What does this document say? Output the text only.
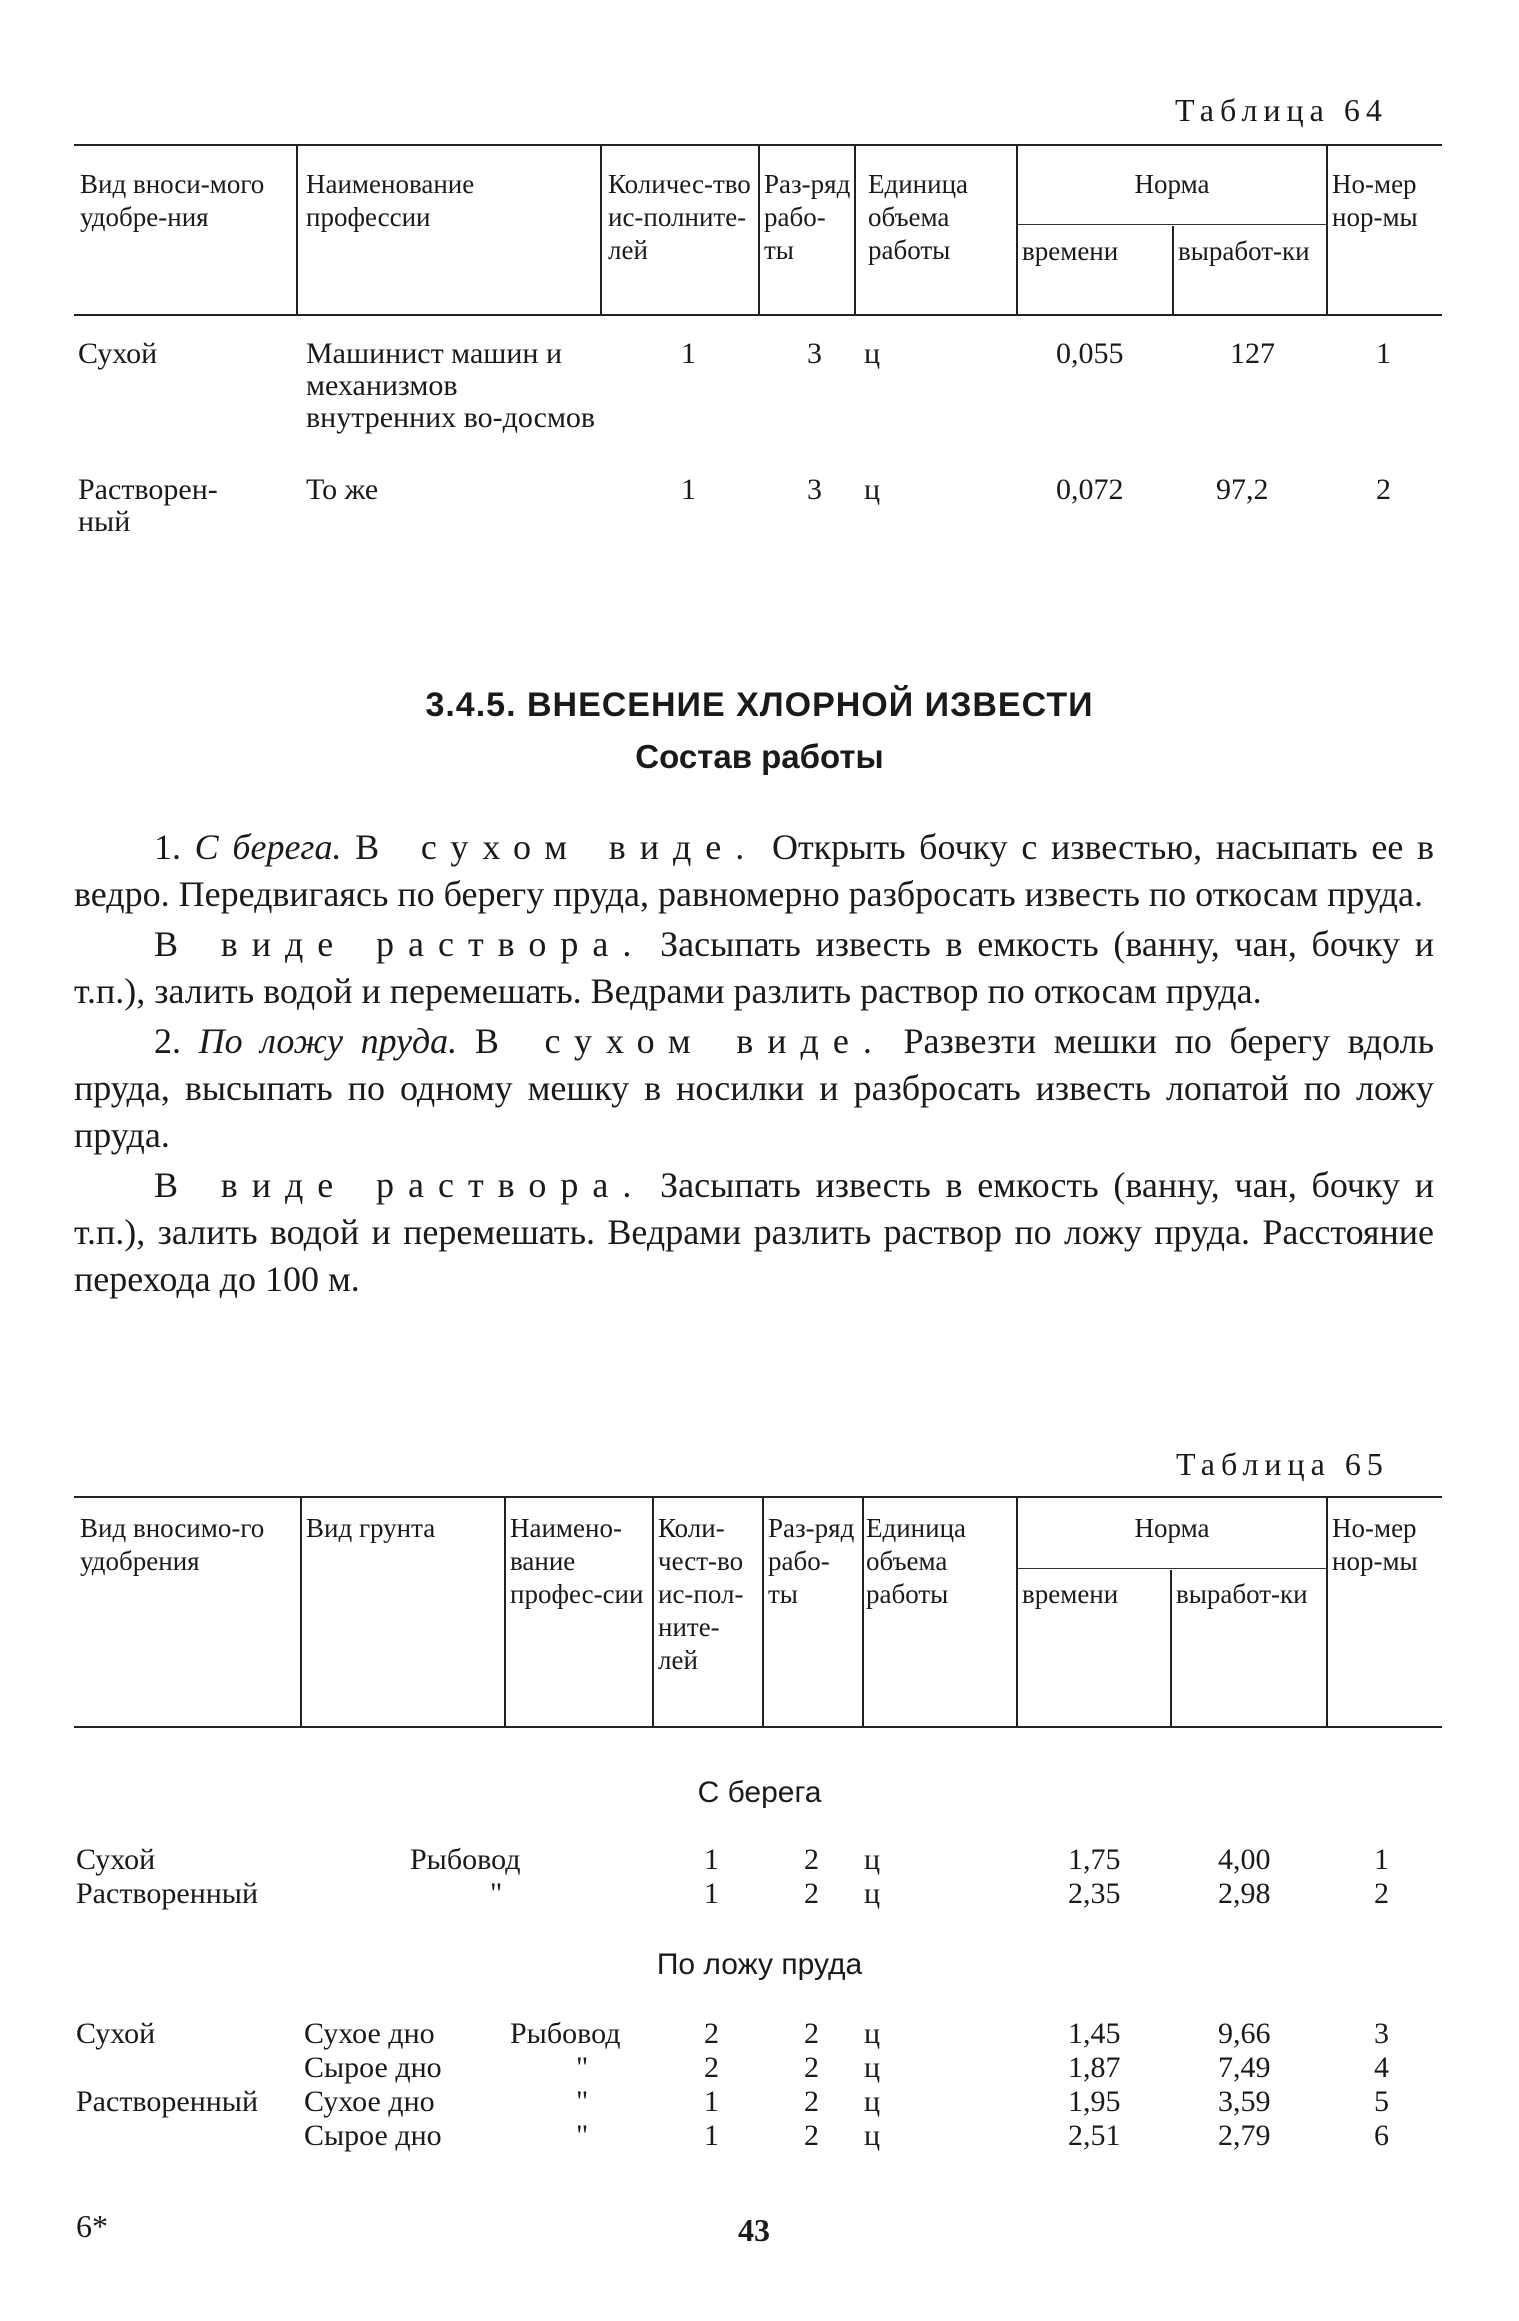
Таблица 64
Вид вноси-мого удобре-ния
Наименование профессии
Количес-тво ис-полните-лей
Раз-ряд рабо-ты
Единица объема работы
Норма
времени	выработ-ки
Но-мер нор-мы
Сухой	Машинист машин и механизмов внутренних во-досмов
1	3 ц	0,055	127	1
Растворен-ный
То же	1	3 ц	0,072	97,2	2
3.4.5. ВНЕСЕНИЕ ХЛОРНОЙ ИЗВЕСТИ
Состав работы

1. С берега. В сухом виде. Открыть бочку с известью, насыпать ее в ведро. Передвигаясь по берегу пруда, равномерно разбросать известь по откосам пруда.

В виде раствора. Засыпать известь в емкость (ванну, чан, бочку и т.п.), залить водой и перемешать. Ведрами разлить раствор по откосам пруда.

2. По ложу пруда. В сухом виде. Развезти мешки по берегу вдоль пруда, высыпать по одному мешку в носилки и разбросать известь лопатой по ложу пруда.

В виде раствора. Засыпать известь в емкость (ванну, чан, бочку и т.п.), залить водой и перемешать. Ведрами разлить раствор по ложу пруда. Расстояние перехода до 100 м.

Таблица 65
Вид вносимо-го удобрения
Вид грунта	Наимено-вание профес-сии
Коли-чест-во ис-пол-ните-лей
Раз-ряд рабо-ты
Единица объема работы
Норма
времени	выработ-ки
Но-мер нор-мы
С берега
Сухой	Рыбовод	1	2 ц	1,75	4,00	1
Растворенный	"	1	2 ц	2,35	2,98	2
По ложу пруда
Сухой	Сухое дно	Рыбовод	2	2 ц	1,45	9,66	3
Сырое дно	"	2	2 ц	1,87	7,49	4
Растворенный Сухое дно	"	1	2 ц	1,95	3,59	5
Сырое дно	"	1	2 ц	2,51	2,79	6
6*	43
